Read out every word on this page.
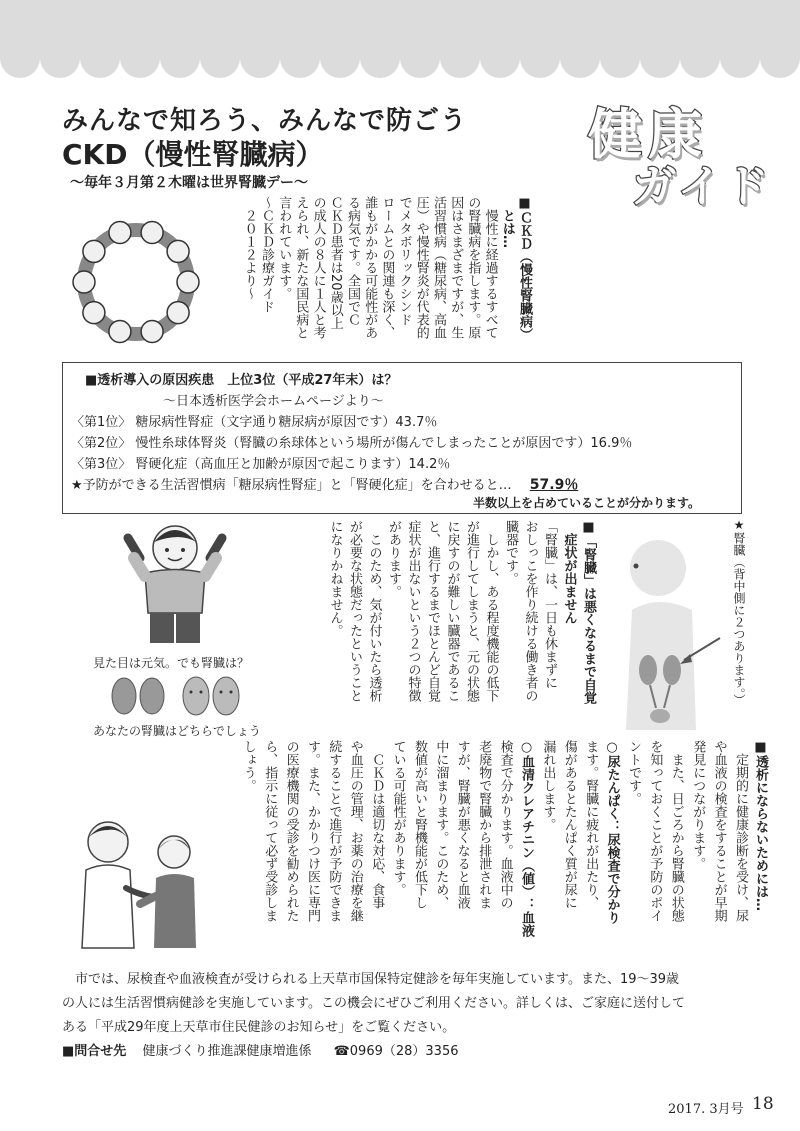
みんなで知ろう、みんなで防ごう
CKD（慢性腎臓病）
～毎年３月第２木曜は世界腎臓デー～
健康
ガイド
■ＣＫＤ（慢性腎臓病）
　とは…
　慢性に経過するすべて
の腎臓病を指します。原
因はさまざまですが、生
活習慣病（糖尿病、高血
圧）や慢性腎炎が代表的
でメタボリックシンド
ロームとの関連も深く、
誰もがかかる可能性があ
る病気です。全国でＣ
ＣＫＤ患者は20歳以上
の成人の８人に１人と考
えられ、新たな国民病と
言われています。
～ＣＫＤ診療ガイド
　２０１２より～
■透析導入の原因疾患　上位3位（平成27年末）は？
～日本透析医学会ホームページより～
〈第1位〉 糖尿病性腎症（文字通り糖尿病が原因です）43.7％
〈第2位〉 慢性糸球体腎炎（腎臓の糸球体という場所が傷んでしまったことが原因です）16.9％
〈第3位〉 腎硬化症（高血圧と加齢が原因で起こります）14.2％
★予防ができる生活習慣病「糖尿病性腎症」と「腎硬化症」を合わせると… 57.9％
半数以上を占めていることが分かります。
見た目は元気。でも腎臓は？
あなたの腎臓はどちらでしょう
■「腎臓」は悪くなるまで自覚
　症状が出ません
「腎臓」は、一日も休まずに
おしっこを作り続ける働き者の
臓器です。
　しかし、ある程度機能の低下
が進行してしまうと、元の状態
に戻すのが難しい臓器であるこ
と、進行するまでほとんど自覚
症状が出ないという２つの特徴
があります。
　このため、気が付いたら透析
が必要な状態だったということ
になりかねません。	★腎臓（背中側に２つあります。）
■透析にならないためには…
　定期的に健康診断を受け、尿
や血液の検査をすることが早期
発見につながります。
　また、日ごろから腎臓の状態
を知っておくことが予防のポイ
ントです。
○尿たんぱく：尿検査で分かり
ます。腎臓に疲れが出たり、
傷があるとたんぱく質が尿に
漏れ出します。
○血清クレアチニン（値）：血液
検査で分かります。血液中の
老廃物で腎臓から排泄されま
すが、腎臓が悪くなると血液
中に溜まります。このため、
数値が高いと腎機能が低下し
ている可能性があります。
　ＣＫＤは適切な対応、食事
や血圧の管理、お薬の治療を継
続することで進行が予防できま
す。また、かかりつけ医に専門
の医療機関の受診を勧められた
ら、指示に従って必ず受診しま
しょう。
　市では、尿検査や血液検査が受けられる上天草市国保特定健診を毎年実施しています。また、19～39歳
の人には生活習慣病健診を実施しています。この機会にぜひご利用ください。詳しくは、ご家庭に送付して
ある「平成29年度上天草市住民健診のお知らせ」をご覧ください。
■問合せ先 健康づくり推進課健康増進係 ☎0969（28）3356
2017. 3月号 18
